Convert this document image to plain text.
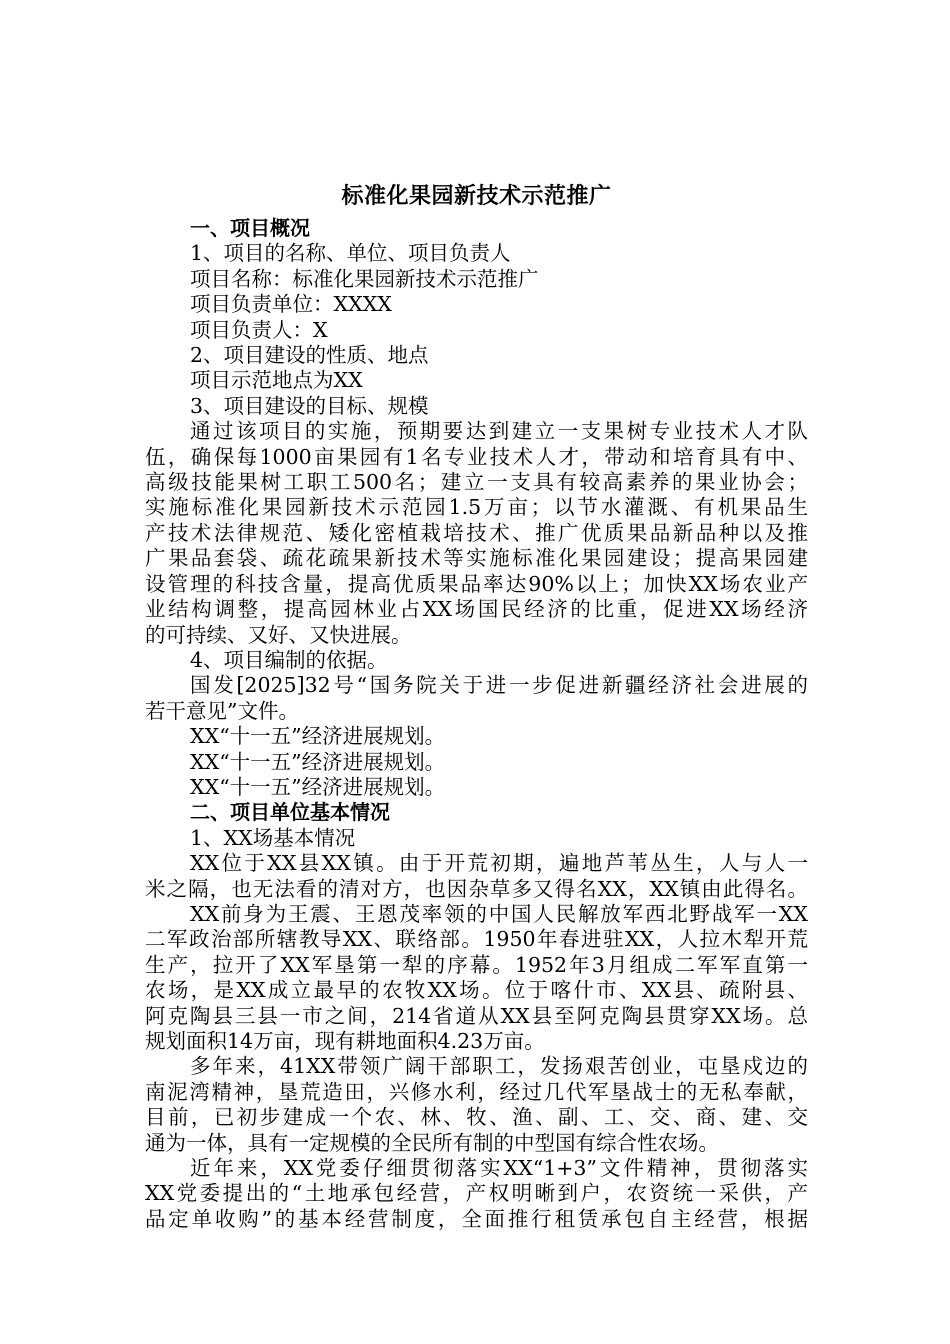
标准化果园新技术示范推广

一、项目概况

1、项目的名称、单位、项目负责人

项目名称：标准化果园新技术示范推广

项目负责单位：XXXX

项目负责人：X

2、项目建设的性质、地点

项目示范地点为XX

3、项目建设的目标、规模

通过该项目的实施，预期要达到建立一支果树专业技术人才队

伍，确保每1000亩果园有1名专业技术人才，带动和培育具有中、

高级技能果树工职工500名；建立一支具有较高素养的果业协会；

实施标准化果园新技术示范园1.5万亩；以节水灌溉、有机果品生

产技术法律规范、矮化密植栽培技术、推广优质果品新品种以及推

广果品套袋、疏花疏果新技术等实施标准化果园建设；提高果园建

设管理的科技含量，提高优质果品率达90%以上；加快XX场农业产

业结构调整，提高园林业占XX场国民经济的比重，促进XX场经济

的可持续、又好、又快进展。

4、项目编制的依据。

国发[2025]32号“国务院关于进一步促进新疆经济社会进展的

若干意见”文件。

XX“十一五”经济进展规划。

XX“十一五”经济进展规划。

XX“十一五”经济进展规划。

二、项目单位基本情况

1、XX场基本情况

XX位于XX县XX镇。由于开荒初期，遍地芦苇丛生，人与人一

米之隔，也无法看的清对方，也因杂草多又得名XX，XX镇由此得名。

XX前身为王震、王恩茂率领的中国人民解放军西北野战军一XX

二军政治部所辖教导XX、联络部。1950年春进驻XX，人拉木犁开荒

生产，拉开了XX军垦第一犁的序幕。1952年3月组成二军军直第一

农场，是XX成立最早的农牧XX场。位于喀什市、XX县、疏附县、

阿克陶县三县一市之间，214省道从XX县至阿克陶县贯穿XX场。总

规划面积14万亩，现有耕地面积4.23万亩。

多年来，41XX带领广阔干部职工，发扬艰苦创业，屯垦戍边的

南泥湾精神，垦荒造田，兴修水利，经过几代军垦战士的无私奉献，

目前，已初步建成一个农、林、牧、渔、副、工、交、商、建、交

通为一体，具有一定规模的全民所有制的中型国有综合性农场。

近年来，XX党委仔细贯彻落实XX“1+3”文件精神，贯彻落实

XX党委提出的“土地承包经营，产权明晰到户，农资统一采供，产

品定单收购”的基本经营制度，全面推行租赁承包自主经营，根据
